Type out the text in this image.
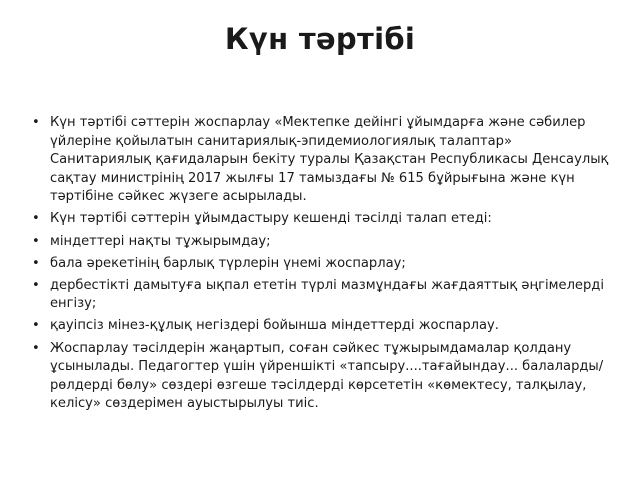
Күн тәртібі
• Күн тәртібі сәттерін жоспарлау «Мектепке дейінгі ұйымдарға және сәбилер үйлеріне қойылатын санитариялық-эпидемиологиялық талаптар» Санитариялық қағидаларын бекіту туралы Қазақстан Республикасы Денсаулық сақтау министрінің 2017 жылғы 17 тамыздағы № 615 бұйрығына және күн тәртібіне сәйкес жүзеге асырылады.
• Күн тәртібі сәттерін ұйымдастыру кешенді тәсілді талап етеді:
• міндеттері нақты тұжырымдау;
• бала әрекетінің барлық түрлерін үнемі жоспарлау;
• дербестікті дамытуға ықпал ететін түрлі мазмұндағы жағдаяттық әңгімелерді енгізу;
• қауіпсіз мінез-құлық негіздері бойынша міндеттерді жоспарлау.
• Жоспарлау тәсілдерін жаңартып, соған сәйкес тұжырымдамалар қолдану ұсынылады. Педагогтер үшін үйреншікті «тапсыру....тағайындау... балаларды/рөлдерді бөлу» сөздері өзгеше тәсілдерді көрсететін «көмектесу, талқылау, келісу» сөздерімен ауыстырылуы тиіс.
